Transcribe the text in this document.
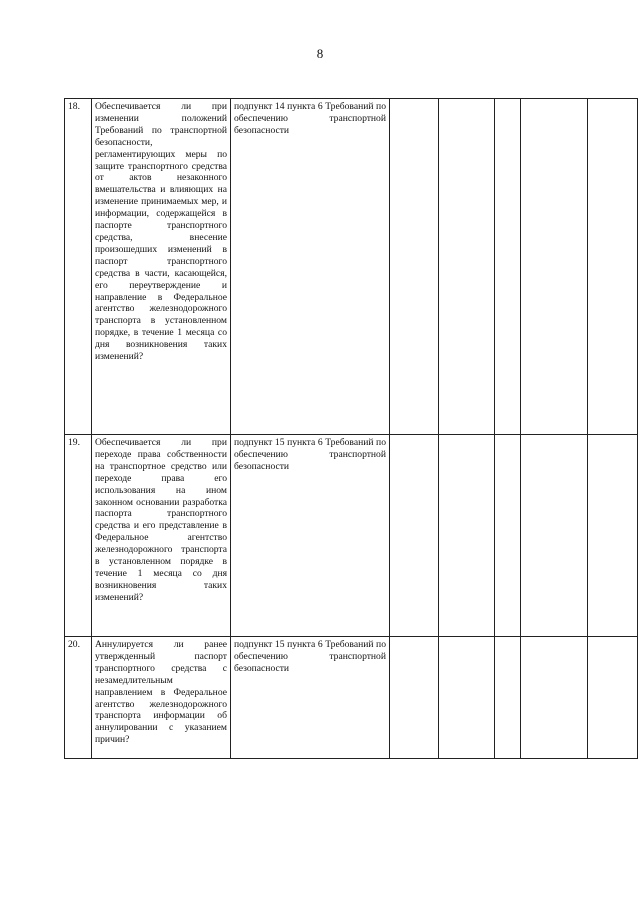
8
18.	Обеспечивается ли при изменении положений Требований по транспортной безопасности, регламентирующих меры по защите транспортного средства от актов незаконного вмешательства и влияющих на изменение принимаемых мер, и информации, содержащейся в паспорте транспортного средства, внесение произошедших изменений в паспорт транспортного средства в части, касающейся, его переутверждение и направление в Федеральное агентство железнодорожного транспорта в установленном порядке, в течение 1 месяца со дня возникновения таких изменений?	подпункт 14 пункта 6 Требований по обеспечению транспортной безопасности					
19.	Обеспечивается ли при переходе права собственности на транспортное средство или переходе права его использования на ином законном основании разработка паспорта транспортного средства и его представление в Федеральное агентство железнодорожного транспорта в установленном порядке в течение 1 месяца со дня возникновения таких изменений?	подпункт 15 пункта 6 Требований по обеспечению транспортной безопасности					
20.	Аннулируется ли ранее утвержденный паспорт транспортного средства с незамедлительным направлением в Федеральное агентство железнодорожного транспорта информации об аннулировании с указанием причин?	подпункт 15 пункта 6 Требований по обеспечению транспортной безопасности					
